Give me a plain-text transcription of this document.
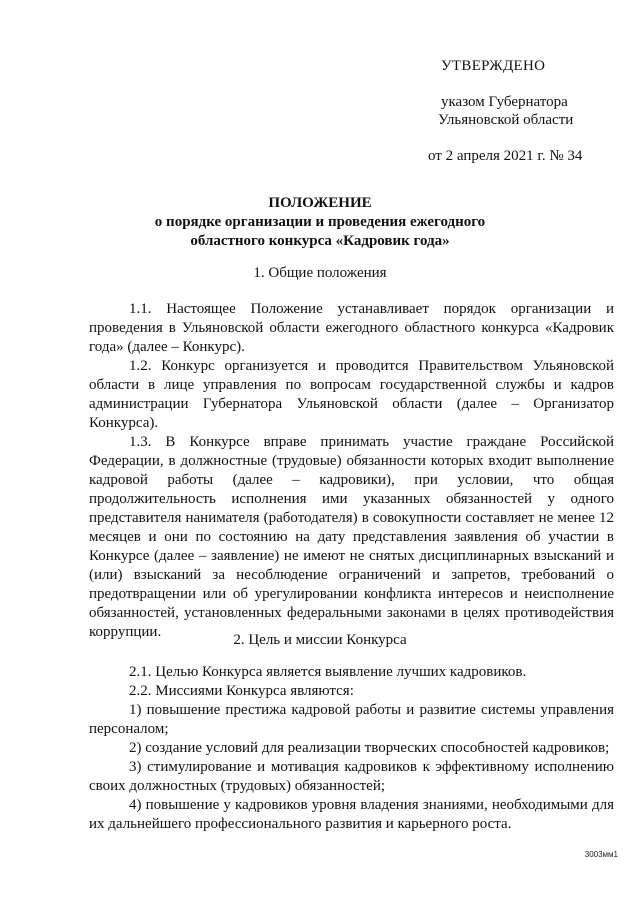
УТВЕРЖДЕНО
указом Губернатора
Ульяновской области
от 2 апреля 2021 г. № 34
ПОЛОЖЕНИЕ
о порядке организации и проведения ежегодного
областного конкурса «Кадровик года»
1. Общие положения

1.1. Настоящее Положение устанавливает порядок организации и проведения в Ульяновской области ежегодного областного конкурса «Кадровик года» (далее – Конкурс).

1.2. Конкурс организуется и проводится Правительством Ульяновской области в лице управления по вопросам государственной службы и кадров администрации Губернатора Ульяновской области (далее – Организатор Конкурса).

1.3. В Конкурсе вправе принимать участие граждане Российской Федерации, в должностные (трудовые) обязанности которых входит выполнение кадровой работы (далее – кадровики), при условии, что общая продолжительность исполнения ими указанных обязанностей у одного представителя нанимателя (работодателя) в совокупности составляет не менее 12 месяцев и они по состоянию на дату представления заявления об участии в Конкурсе (далее – заявление) не имеют не снятых дисциплинарных взысканий и (или) взысканий за несоблюдение ограничений и запретов, требований о предотвращении или об урегулировании конфликта интересов и неисполнение обязанностей, установленных федеральными законами в целях противодействия коррупции.	2. Цель и миссии Конкурса

2.1. Целью Конкурса является выявление лучших кадровиков.

2.2. Миссиями Конкурса являются:

1) повышение престижа кадровой работы и развитие системы управления персоналом;

2) создание условий для реализации творческих способностей кадровиков;

3) стимулирование и мотивация кадровиков к эффективному исполнению своих должностных (трудовых) обязанностей;

4) повышение у кадровиков уровня владения знаниями, необходимыми для их дальнейшего профессионального развития и карьерного роста.

3003мм1
